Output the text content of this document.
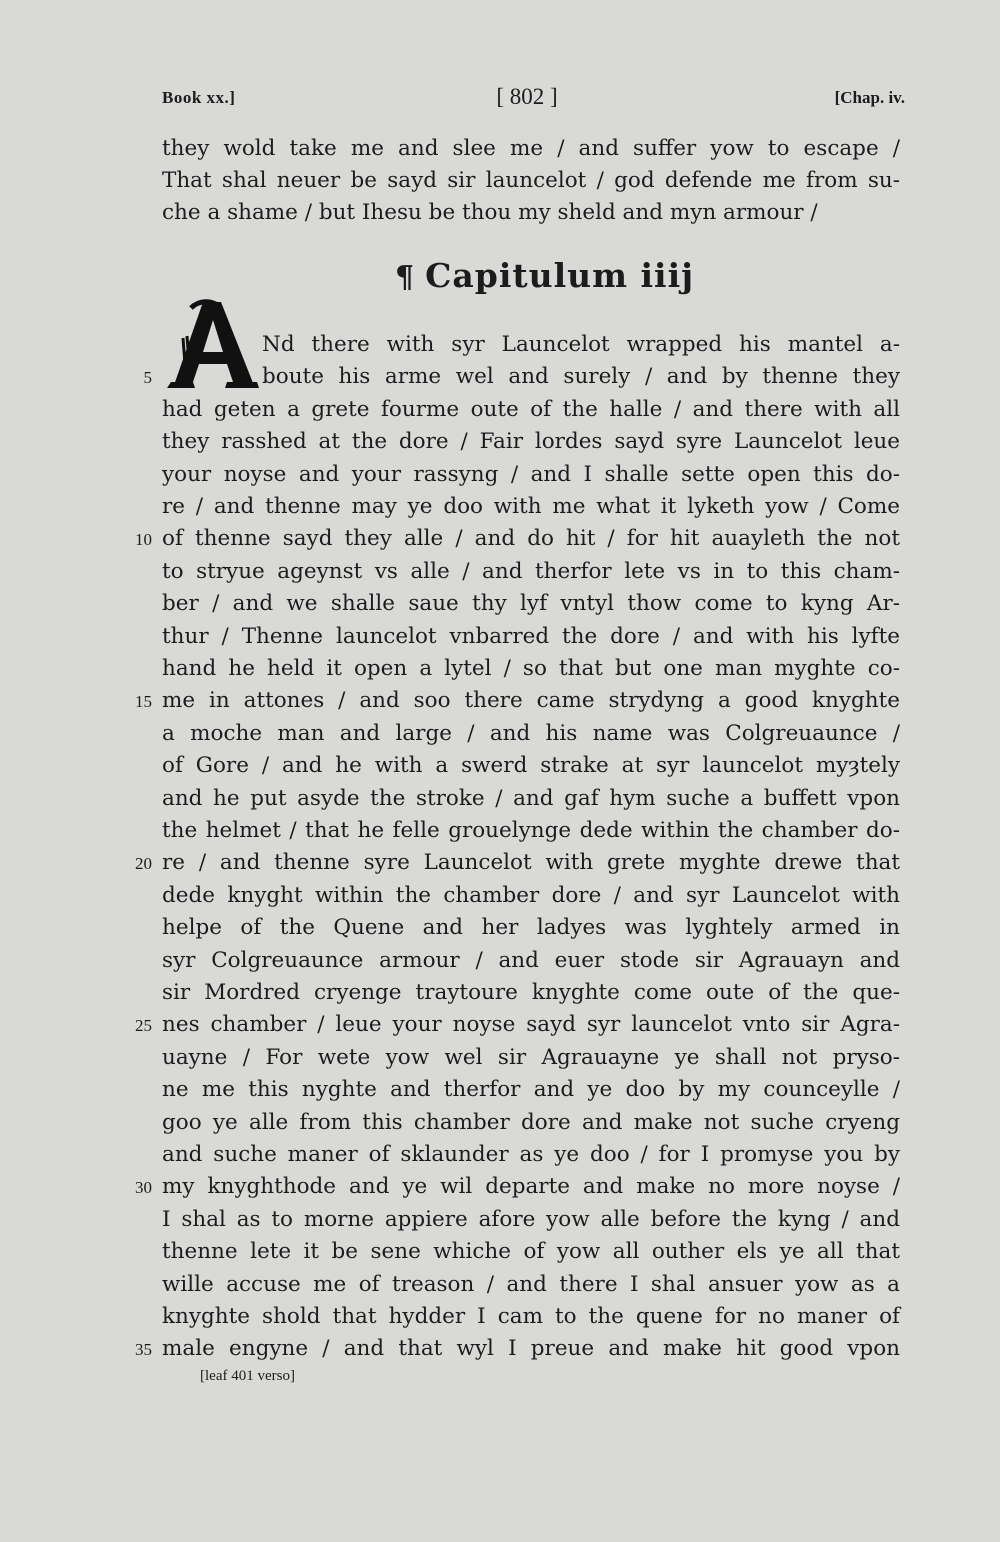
Book xx.]	[ 802 ]	[Chap. iv.
they wold take me and slee me / and suffer yow to escape /
That shal neuer be sayd sir launcelot / god defende me from su-
che a shame / but Ihesu be thou my sheld and myn armour /
¶ Capitulum iiij
Nd there with syr Launcelot wrapped his mantel a-
boute his arme wel and surely / and by thenne they
5
had geten a grete fourme oute of the halle / and there with all
they rasshed at the dore / Fair lordes sayd syre Launcelot leue
your noyse and your rassyng / and I shalle sette open this do-
re / and thenne may ye doo with me what it lyketh yow / Come
of thenne sayd they alle / and do hit / for hit auayleth the not
10
to stryue ageynst vs alle / and therfor lete vs in to this cham-
ber / and we shalle saue thy lyf vntyl thow come to kyng Ar-
thur / Thenne launcelot vnbarred the dore / and with his lyfte
hand he held it open a lytel / so that but one man myghte co-
me in attones / and soo there came strydyng a good knyghte
15
a moche man and large / and his name was Colgreuaunce /
of Gore / and he with a swerd strake at syr launcelot myȝtely
and he put asyde the stroke / and gaf hym suche a buffett vpon
the helmet / that he felle grouelynge dede within the chamber do-
re / and thenne syre Launcelot with grete myghte drewe that
20
dede knyght within the chamber dore / and syr Launcelot with
helpe of the Quene and her ladyes was lyghtely armed in
syr Colgreuaunce armour / and euer stode sir Agrauayn and
sir Mordred cryenge traytoure knyghte come oute of the que-
nes chamber / leue your noyse sayd syr launcelot vnto sir Agra-
25
uayne / For wete yow wel sir Agrauayne ye shall not pryso-
ne me this nyghte and therfor and ye doo by my counceylle /
goo ye alle from this chamber dore and make not suche cryeng
and suche maner of sklaunder as ye doo / for I promyse you by
my knyghthode and ye wil departe and make no more noyse /
30
I shal as to morne appiere afore yow alle before the kyng / and
thenne lete it be sene whiche of yow all outher els ye all that
wille accuse me of treason / and there I shal ansuer yow as a
knyghte shold that hydder I cam to the quene for no maner of
male engyne / and that wyl I preue and make hit good vpon
35
[leaf 401 verso]
